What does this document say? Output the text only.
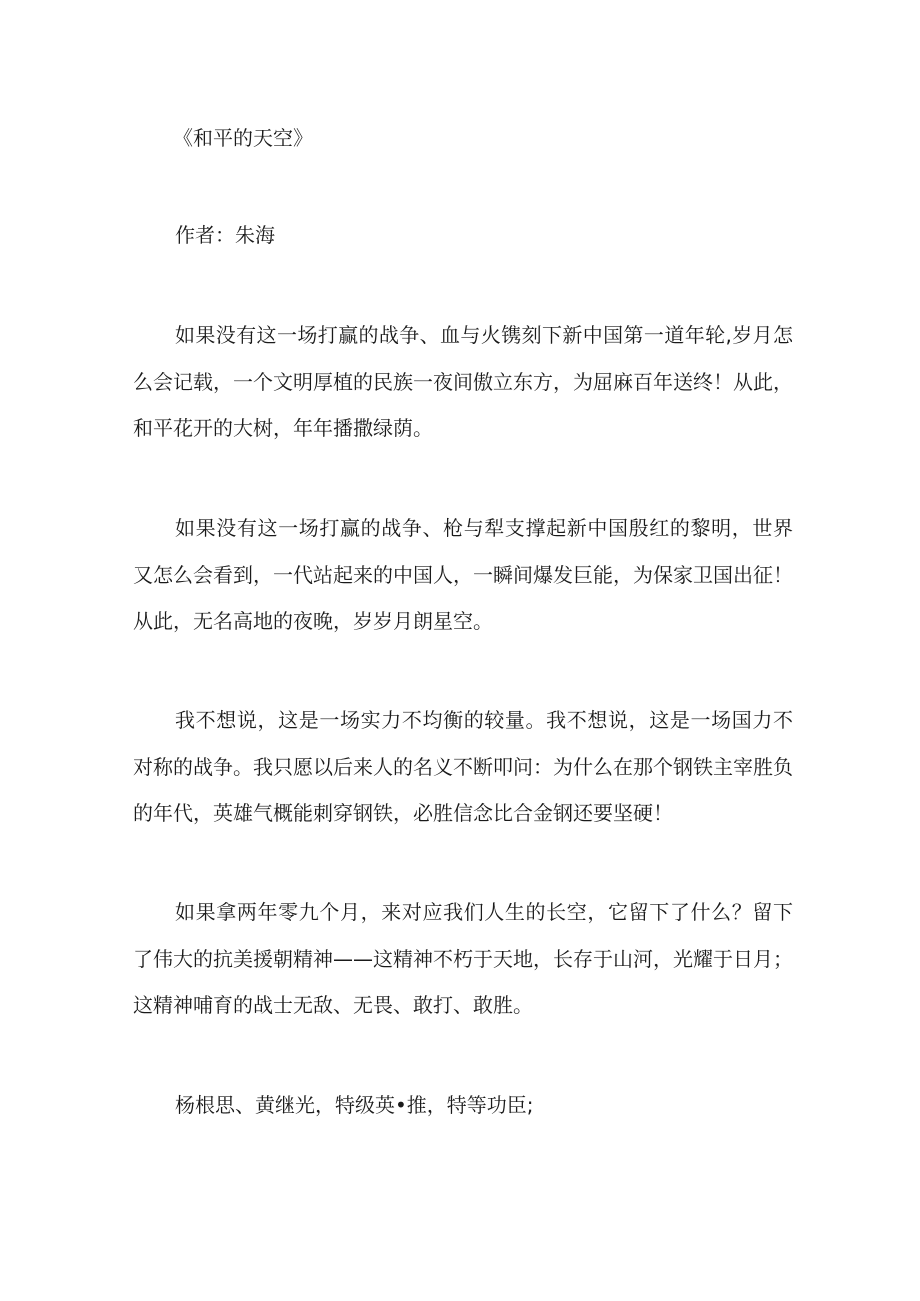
《和平的天空》

作者：朱海

如果没有这一场打赢的战争、血与火镌刻下新中国第一道年轮,岁月怎么会记载，一个文明厚植的民族一夜间傲立东方，为屈麻百年送终！从此，和平花开的大树，年年播撒绿荫。

如果没有这一场打赢的战争、枪与犁支撑起新中国殷红的黎明，世界又怎么会看到，一代站起来的中国人，一瞬间爆发巨能，为保家卫国出征！从此，无名高地的夜晚，岁岁月朗星空。

我不想说，这是一场实力不均衡的较量。我不想说，这是一场国力不对称的战争。我只愿以后来人的名义不断叩问：为什么在那个钢铁主宰胜负的年代，英雄气概能刺穿钢铁，必胜信念比合金钢还要坚硬！

如果拿两年零九个月，来对应我们人生的长空，它留下了什么？留下了伟大的抗美援朝精神——这精神不朽于天地，长存于山河，光耀于日月；这精神哺育的战士无敌、无畏、敢打、敢胜。

杨根思、黄继光，特级英•推，特等功臣;
